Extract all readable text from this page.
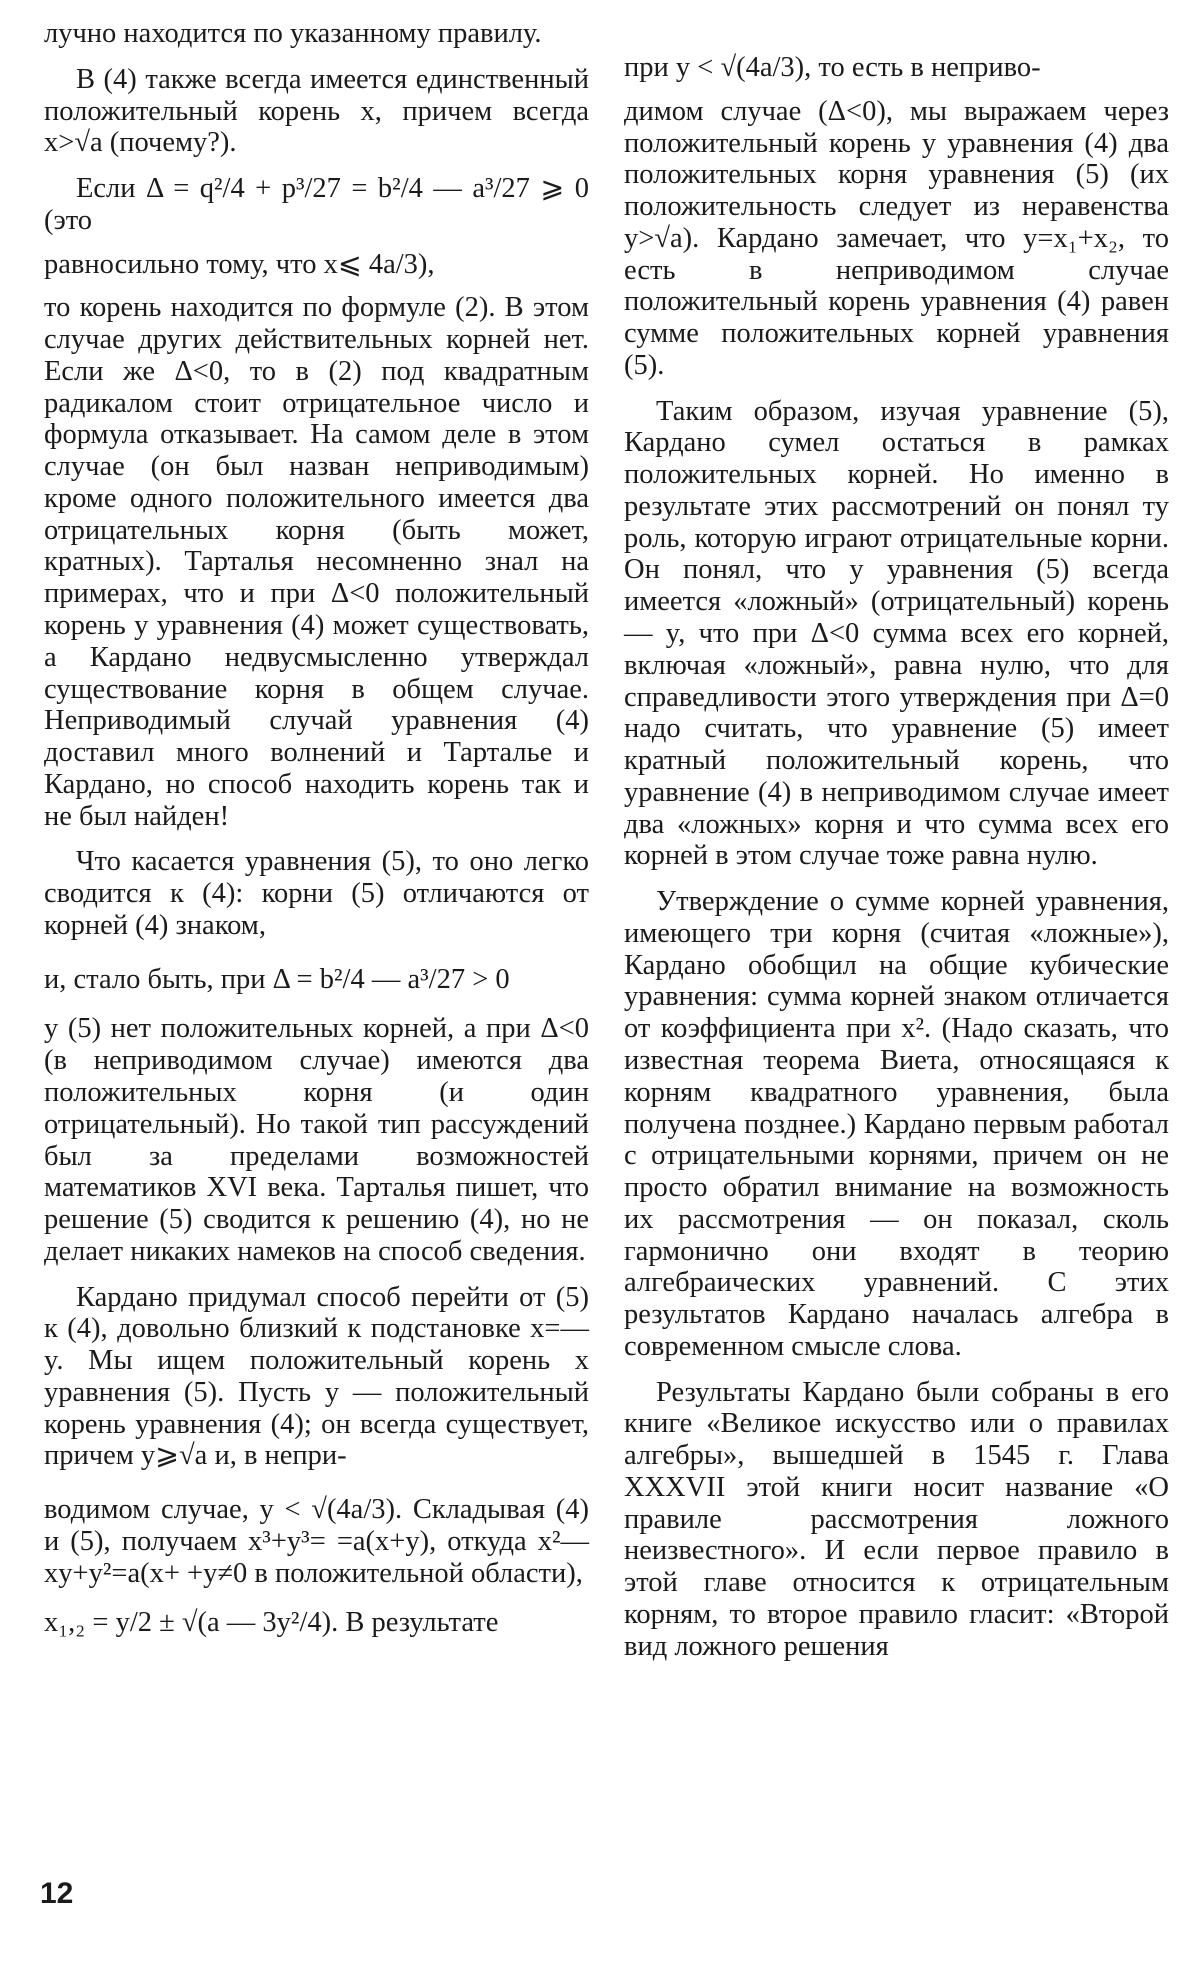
лучно находится по указанному правилу.

В (4) также всегда имеется единственный положительный корень x, причем всегда x>√a (почему?).

Если Δ = q²/4 + p³/27 = b²/4 — a³/27 ⩾ 0 (это

равносильно тому, что x⩽ 4a/3),

то корень находится по формуле (2). В этом случае других действительных корней нет. Если же Δ<0, то в (2) под квадратным радикалом стоит отрицательное число и формула отказывает. На самом деле в этом случае (он был назван неприводимым) кроме одного положительного имеется два отрицательных корня (быть может, кратных). Тарталья несомненно знал на примерах, что и при Δ<0 положительный корень у уравнения (4) может существовать, а Кардано недвусмысленно утверждал существование корня в общем случае. Неприводимый случай уравнения (4) доставил много волнений и Тарталье и Кардано, но способ находить корень так и не был найден!

Что касается уравнения (5), то оно легко сводится к (4): корни (5) отличаются от корней (4) знаком,

и, стало быть, при Δ = b²/4 — a³/27 > 0

у (5) нет положительных корней, а при Δ<0 (в неприводимом случае) имеются два положительных корня (и один отрицательный). Но такой тип рассуждений был за пределами возможностей математиков XVI века. Тарталья пишет, что решение (5) сводится к решению (4), но не делает никаких намеков на способ сведения.

Кардано придумал способ перейти от (5) к (4), довольно близкий к подстановке x=—y. Мы ищем положительный корень x уравнения (5). Пусть y — положительный корень уравнения (4); он всегда существует, причем y⩾√a и, в непри-

водимом случае, y < √(4a/3). Складывая (4) и (5), получаем x³+y³= =a(x+y), откуда x²—xy+y²=a(x+ +y≠0 в положительной области),

x₁,₂ = y/2 ± √(a — 3y²/4). В результате

при y < √(4a/3), то есть в неприво-

димом случае (Δ<0), мы выражаем через положительный корень y уравнения (4) два положительных корня уравнения (5) (их положительность следует из неравенства y>√a). Кардано замечает, что y=x₁+x₂, то есть в неприводимом случае положительный корень уравнения (4) равен сумме положительных корней уравнения (5).

Таким образом, изучая уравнение (5), Кардано сумел остаться в рамках положительных корней. Но именно в результате этих рассмотрений он понял ту роль, которую играют отрицательные корни. Он понял, что у уравнения (5) всегда имеется «ложный» (отрицательный) корень — y, что при Δ<0 сумма всех его корней, включая «ложный», равна нулю, что для справедливости этого утверждения при Δ=0 надо считать, что уравнение (5) имеет кратный положительный корень, что уравнение (4) в неприводимом случае имеет два «ложных» корня и что сумма всех его корней в этом случае тоже равна нулю.

Утверждение о сумме корней уравнения, имеющего три корня (считая «ложные»), Кардано обобщил на общие кубические уравнения: сумма корней знаком отличается от коэффициента при x². (Надо сказать, что известная теорема Виета, относящаяся к корням квадратного уравнения, была получена позднее.) Кардано первым работал с отрицательными корнями, причем он не просто обратил внимание на возможность их рассмотрения — он показал, сколь гармонично они входят в теорию алгебраических уравнений. С этих результатов Кардано началась алгебра в современном смысле слова.

Результаты Кардано были собраны в его книге «Великое искусство или о правилах алгебры», вышедшей в 1545 г. Глава XXXVII этой книги носит название «О правиле рассмотрения ложного неизвестного». И если первое правило в этой главе относится к отрицательным корням, то второе правило гласит: «Второй вид ложного решения

12
